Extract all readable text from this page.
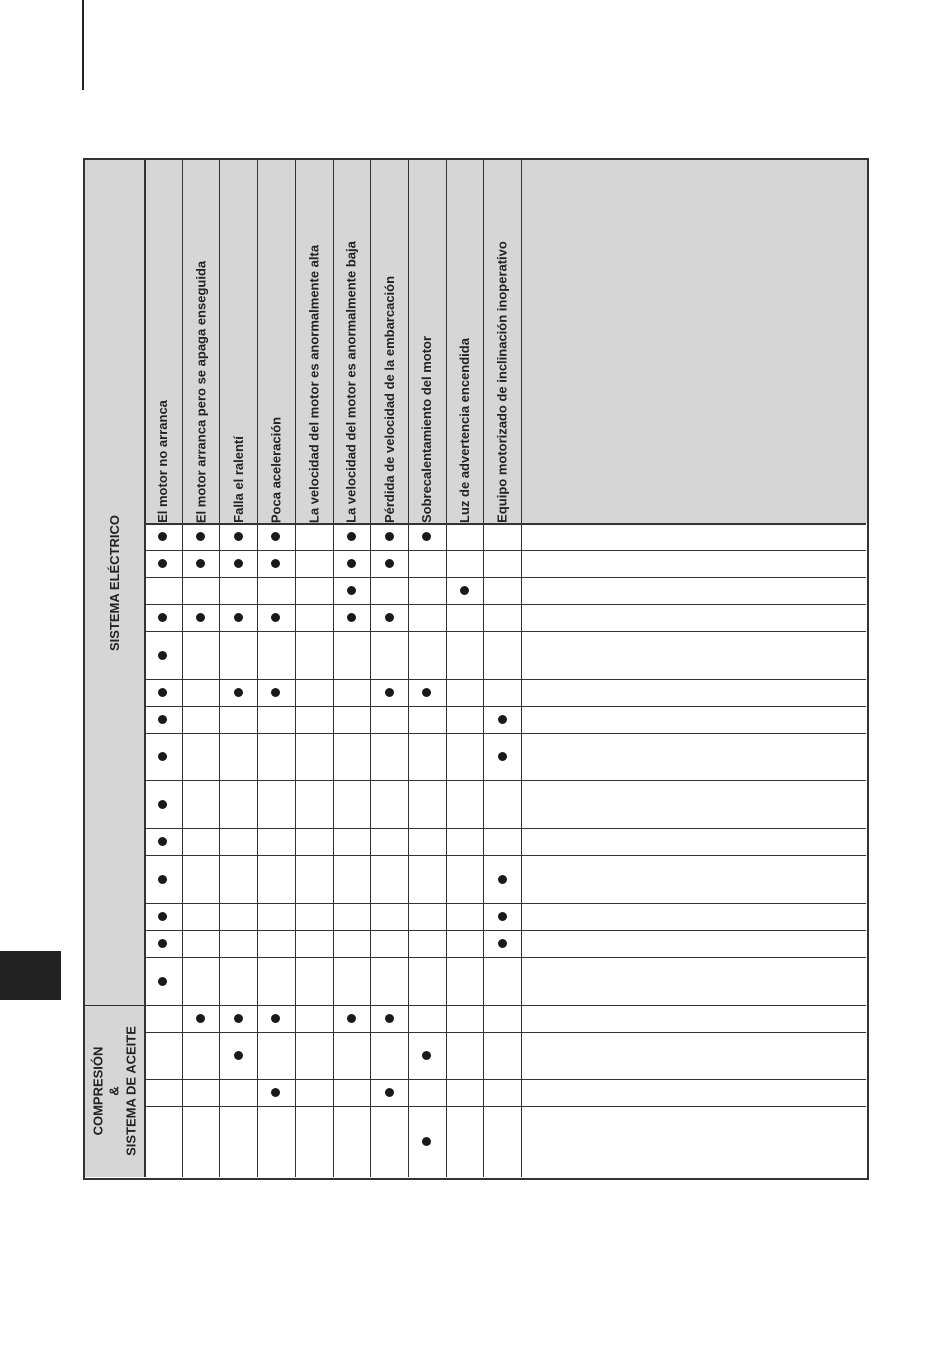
SISTEMA ELÉCTRICO
COMPRESIÓN & SISTEMA DE ACEITE
El motor no arranca El motor arranca pero se apaga enseguida Falla el ralentí Poca aceleración La velocidad del motor es anormalmente alta La velocidad del motor es anormalmente baja Pérdida de velocidad de la embarcación Sobrecalentamiento del motor Luz de advertencia encendida Equipo motorizado de inclinación inoperativo
